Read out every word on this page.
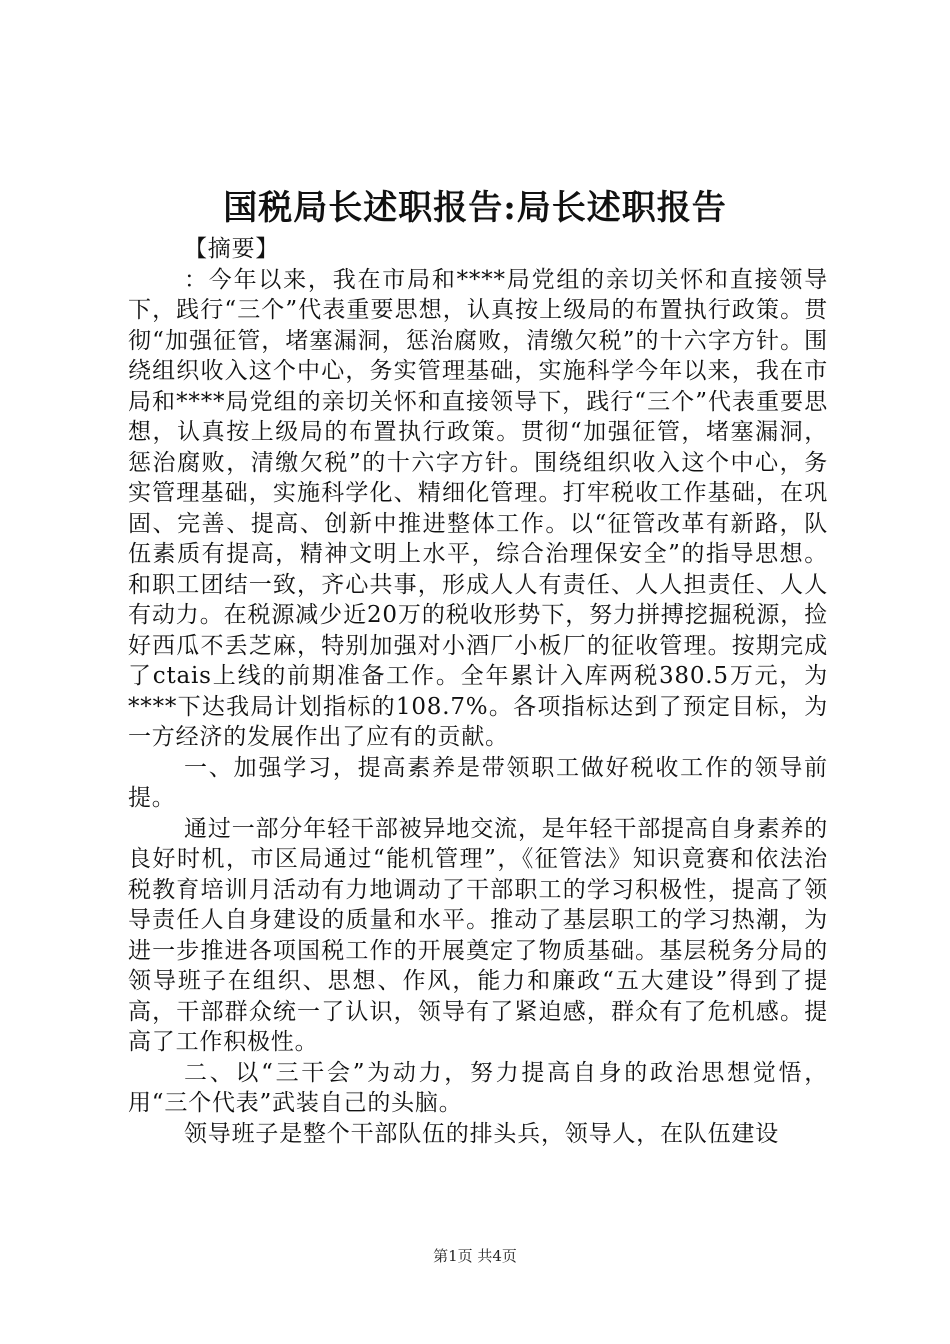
国税局长述职报告:局长述职报告

【摘要】

：今年以来，我在市局和****局党组的亲切关怀和直接领导下，践行“三个”代表重要思想，认真按上级局的布置执行政策。贯彻“加强征管，堵塞漏洞，惩治腐败，清缴欠税”的十六字方针。围绕组织收入这个中心，务实管理基础，实施科学今年以来，我在市局和****局党组的亲切关怀和直接领导下，践行“三个”代表重要思想，认真按上级局的布置执行政策。贯彻“加强征管，堵塞漏洞，惩治腐败，清缴欠税”的十六字方针。围绕组织收入这个中心，务实管理基础，实施科学化、精细化管理。打牢税收工作基础，在巩固、完善、提高、创新中推进整体工作。以“征管改革有新路，队伍素质有提高，精神文明上水平，综合治理保安全”的指导思想。和职工团结一致，齐心共事，形成人人有责任、人人担责任、人人有动力。在税源减少近20万的税收形势下，努力拼搏挖掘税源，捡好西瓜不丢芝麻，特别加强对小酒厂小板厂的征收管理。按期完成了ctais上线的前期准备工作。全年累计入库两税380.5万元，为****下达我局计划指标的108.7%。各项指标达到了预定目标，为一方经济的发展作出了应有的贡献。

一、加强学习，提高素养是带领职工做好税收工作的领导前提。

通过一部分年轻干部被异地交流，是年轻干部提高自身素养的良好时机，市区局通过“能机管理”，《征管法》知识竟赛和依法治税教育培训月活动有力地调动了干部职工的学习积极性，提高了领导责任人自身建设的质量和水平。推动了基层职工的学习热潮，为进一步推进各项国税工作的开展奠定了物质基础。基层税务分局的领导班子在组织、思想、作风，能力和廉政“五大建设”得到了提高，干部群众统一了认识，领导有了紧迫感，群众有了危机感。提高了工作积极性。

二、以“三干会”为动力，努力提高自身的政治思想觉悟，用“三个代表”武装自己的头脑。

领导班子是整个干部队伍的排头兵，领导人，在队伍建设

第1页 共4页
